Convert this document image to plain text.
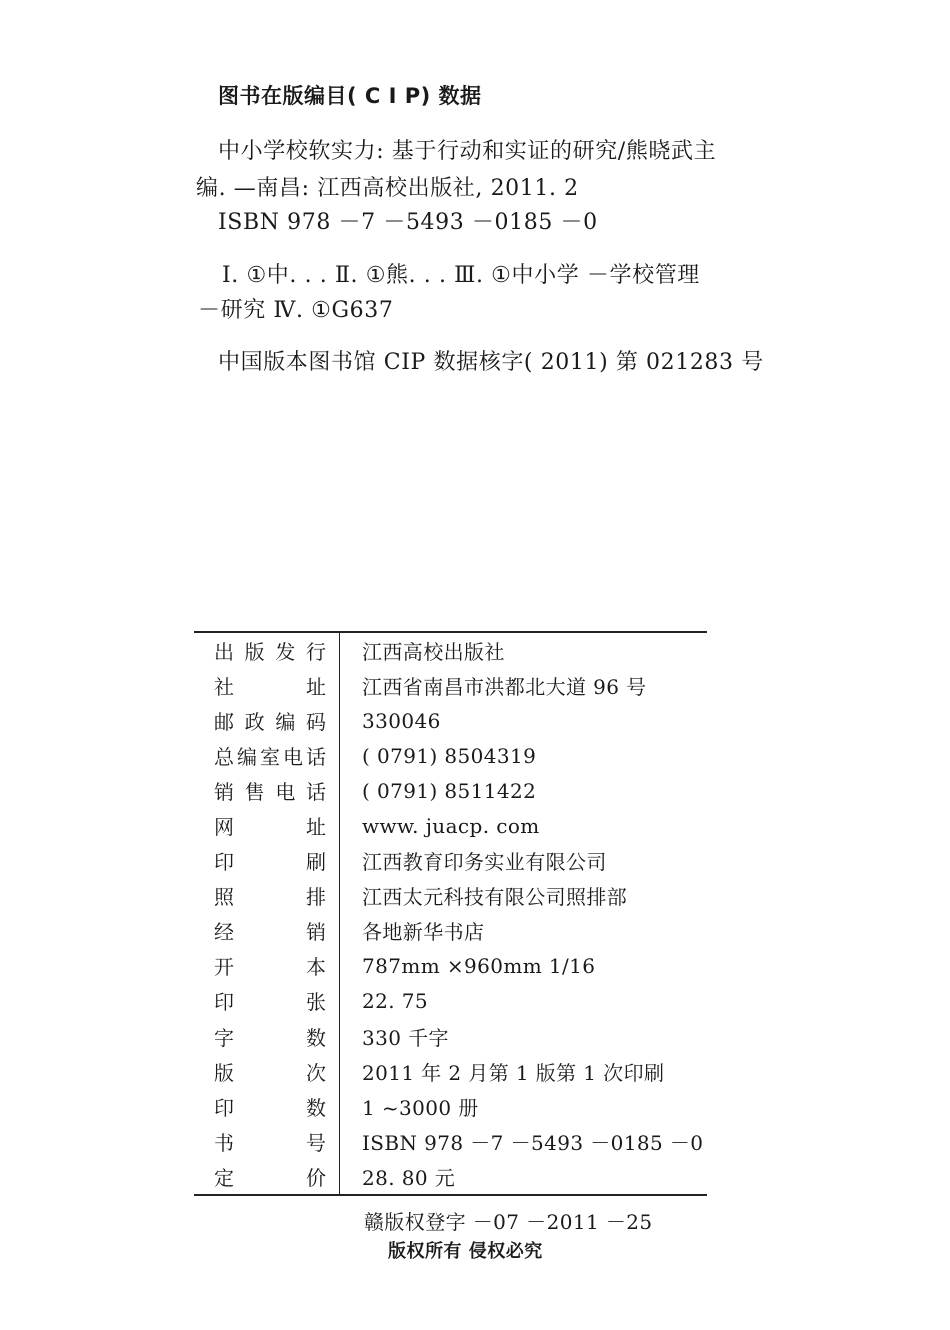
图书在版编目( C I P) 数据
中小学校软实力: 基于行动和实证的研究/熊晓武主
编. —南昌: 江西高校出版社, 2011. 2
ISBN 978 －7 －5493 －0185 －0
Ⅰ. ①中. . . Ⅱ. ①熊. . . Ⅲ. ①中小学 －学校管理
－研究 Ⅳ. ①G637
中国版本图书馆 CIP 数据核字( 2011) 第 021283 号
出版发行 江西高校出版社
社址 江西省南昌市洪都北大道 96 号
邮政编码 330046
总编室电话 ( 0791) 8504319
销售电话 ( 0791) 8511422
网址 www. juacp. com
印刷 江西教育印务实业有限公司
照排 江西太元科技有限公司照排部
经销 各地新华书店
开本 787mm ×960mm 1/16
印张 22. 75
字数 330 千字
版次 2011 年 2 月第 1 版第 1 次印刷
印数 1 ~3000 册
书号 ISBN 978 －7 －5493 －0185 －0
定价 28. 80 元
赣版权登字 －07 －2011 －25
版权所有 侵权必究
